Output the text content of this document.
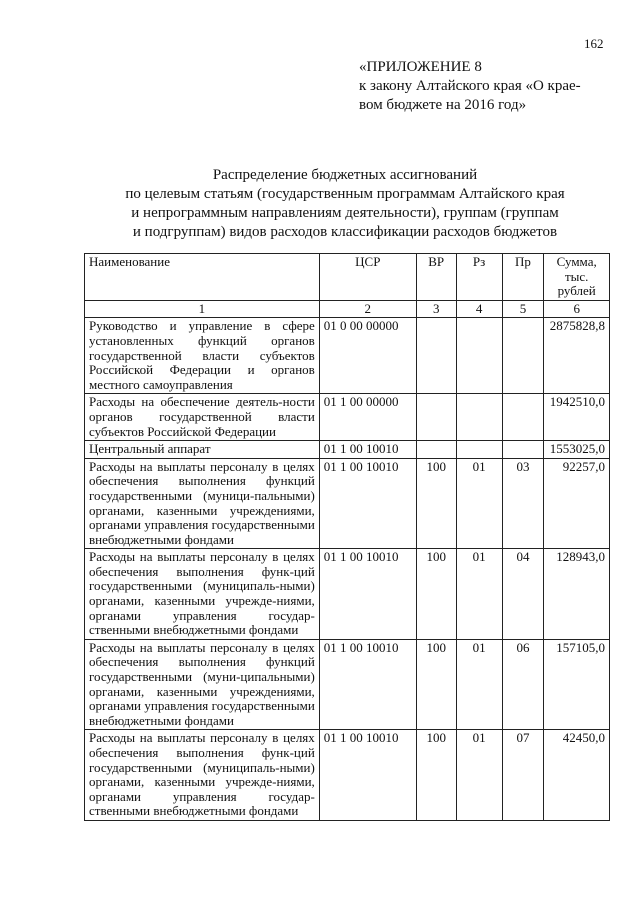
162
«ПРИЛОЖЕНИЕ 8
к закону Алтайского края «О крае-
вом бюджете на 2016 год»
Распределение бюджетных ассигнований
по целевым статьям (государственным программам Алтайского края
и непрограммным направлениям деятельности), группам (группам
и подгруппам) видов расходов классификации расходов бюджетов
Наименование	ЦСР	ВР	Рз	Пр	Сумма, тыс. рублей
1	2	3	4	5	6
Руководство и управление в сфере установленных функций органов государственной власти субъектов Российской Федерации и органов местного самоуправления	01 0 00 00000				2875828,8
Расходы на обеспечение деятель-ности органов государственной власти субъектов Российской Федерации	01 1 00 00000				1942510,0
Центральный аппарат	01 1 00 10010				1553025,0
Расходы на выплаты персоналу в целях обеспечения выполнения функций государственными (муници-пальными) органами, казенными учреждениями, органами управления государственными внебюджетными фондами	01 1 00 10010	100	01	03	92257,0
Расходы на выплаты персоналу в целях обеспечения выполнения функ-ций государственными (муниципаль-ными) органами, казенными учрежде-ниями, органами управления государ-ственными внебюджетными фондами	01 1 00 10010	100	01	04	128943,0
Расходы на выплаты персоналу в целях обеспечения выполнения функций государственными (муни-ципальными) органами, казенными учреждениями, органами управления государственными внебюджетными фондами	01 1 00 10010	100	01	06	157105,0
Расходы на выплаты персоналу в целях обеспечения выполнения функ-ций государственными (муниципаль-ными) органами, казенными учрежде-ниями, органами управления государ-ственными внебюджетными фондами	01 1 00 10010	100	01	07	42450,0
